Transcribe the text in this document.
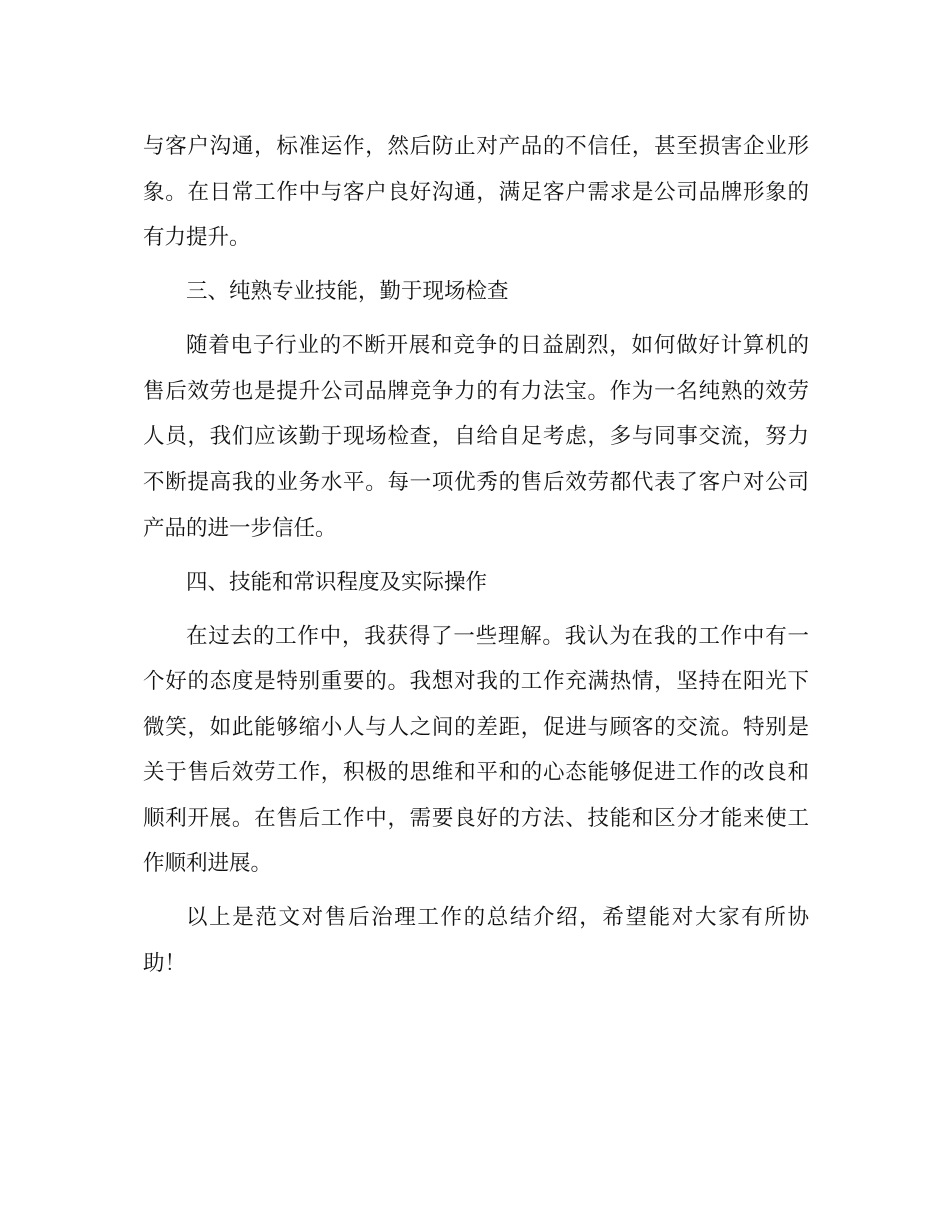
与客户沟通，标准运作，然后防止对产品的不信任，甚至损害企业形象。在日常工作中与客户良好沟通，满足客户需求是公司品牌形象的有力提升。

三、纯熟专业技能，勤于现场检查

随着电子行业的不断开展和竞争的日益剧烈，如何做好计算机的售后效劳也是提升公司品牌竞争力的有力法宝。作为一名纯熟的效劳人员，我们应该勤于现场检查，自给自足考虑，多与同事交流，努力不断提高我的业务水平。每一项优秀的售后效劳都代表了客户对公司产品的进一步信任。

四、技能和常识程度及实际操作

在过去的工作中，我获得了一些理解。我认为在我的工作中有一个好的态度是特别重要的。我想对我的工作充满热情，坚持在阳光下微笑，如此能够缩小人与人之间的差距，促进与顾客的交流。特别是关于售后效劳工作，积极的思维和平和的心态能够促进工作的改良和顺利开展。在售后工作中，需要良好的方法、技能和区分才能来使工作顺利进展。

以上是范文对售后治理工作的总结介绍，希望能对大家有所协助！
